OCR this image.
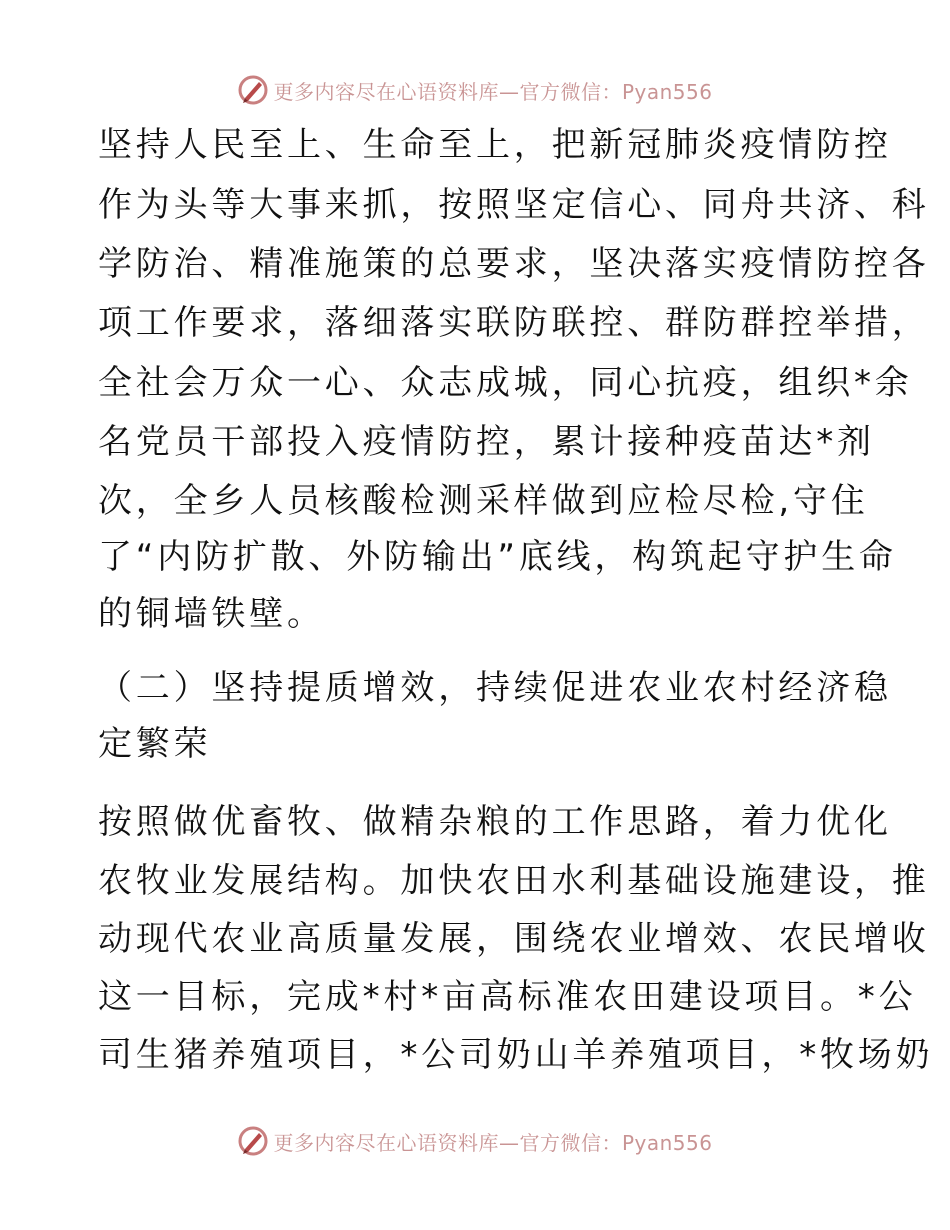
更多内容尽在心语资料库—官方微信：Pyan556
坚持人民至上、生命至上，把新冠肺炎疫情防控
作为头等大事来抓，按照坚定信心、同舟共济、科
学防治、精准施策的总要求，坚决落实疫情防控各
项工作要求，落细落实联防联控、群防群控举措，
全社会万众一心、众志成城，同心抗疫，组织*余
名党员干部投入疫情防控，累计接种疫苗达*剂
次，全乡人员核酸检测采样做到应检尽检,守住
了“内防扩散、外防输出”底线，构筑起守护生命
的铜墙铁壁。
（二）坚持提质增效，持续促进农业农村经济稳
定繁荣
按照做优畜牧、做精杂粮的工作思路，着力优化
农牧业发展结构。加快农田水利基础设施建设，推
动现代农业高质量发展，围绕农业增效、农民增收
这一目标，完成*村*亩高标准农田建设项目。*公
司生猪养殖项目，*公司奶山羊养殖项目，*牧场奶
更多内容尽在心语资料库—官方微信：Pyan556
